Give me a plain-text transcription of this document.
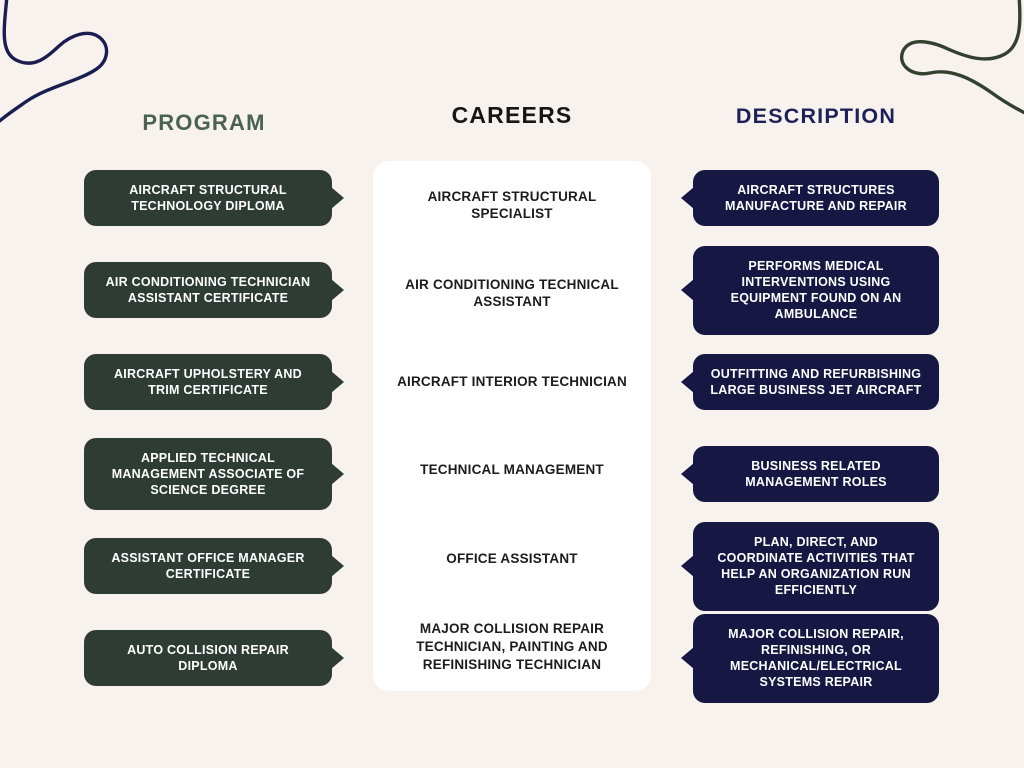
PROGRAM	CAREERS	DESCRIPTION
AIRCRAFT STRUCTURAL TECHNOLOGY DIPLOMA
AIR CONDITIONING TECHNICIAN ASSISTANT CERTIFICATE
AIRCRAFT UPHOLSTERY AND TRIM CERTIFICATE
APPLIED TECHNICAL MANAGEMENT ASSOCIATE OF SCIENCE DEGREE
ASSISTANT OFFICE MANAGER CERTIFICATE
AUTO COLLISION REPAIR DIPLOMA
AIRCRAFT STRUCTURAL SPECIALIST
AIR CONDITIONING TECHNICAL ASSISTANT
AIRCRAFT INTERIOR TECHNICIAN
TECHNICAL MANAGEMENT
OFFICE ASSISTANT
MAJOR COLLISION REPAIR TECHNICIAN, PAINTING AND REFINISHING TECHNICIAN
AIRCRAFT STRUCTURES MANUFACTURE AND REPAIR
PERFORMS MEDICAL INTERVENTIONS USING EQUIPMENT FOUND ON AN AMBULANCE
OUTFITTING AND REFURBISHING LARGE BUSINESS JET AIRCRAFT
BUSINESS RELATED MANAGEMENT ROLES
PLAN, DIRECT, AND COORDINATE ACTIVITIES THAT HELP AN ORGANIZATION RUN EFFICIENTLY
MAJOR COLLISION REPAIR, REFINISHING, OR MECHANICAL/ELECTRICAL SYSTEMS REPAIR
